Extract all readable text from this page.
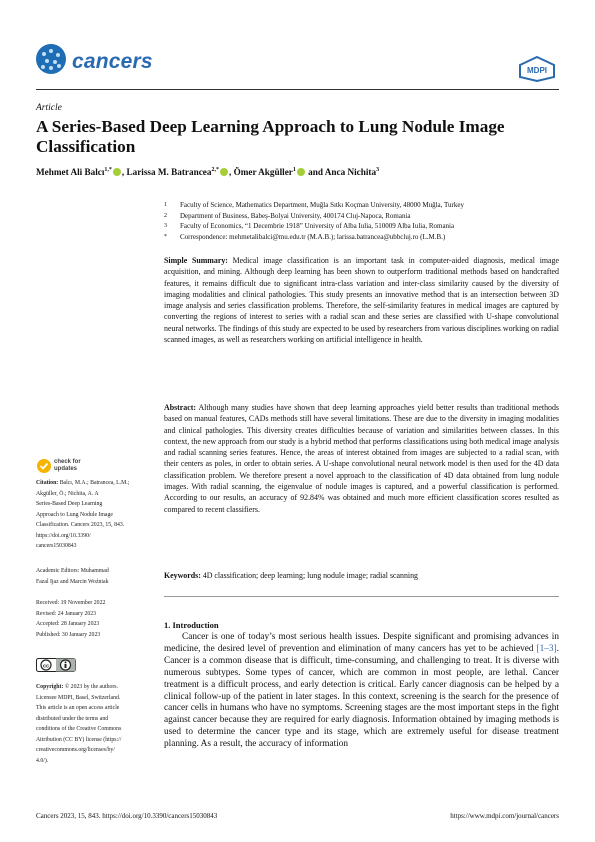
cancers	MDPI
Article
A Series-Based Deep Learning Approach to Lung Nodule Image Classification
Mehmet Ali Balcı$^{1,*}$ , Larissa M. Batrancea$^{2,*}$ , Ömer Akgüller$^1$ and Anca Nichita$^3$
1	Faculty of Science, Mathematics Department, Muğla Sıtkı Koçman University, 48000 Muğla, Turkey
2	Department of Business, Babeș-Bolyai University, 400174 Cluj-Napoca, Romania
3	Faculty of Economics, “1 Decembrie 1918” University of Alba Iulia, 510009 Alba Iulia, Romania
*	Correspondence: mehmetalibalci@mu.edu.tr (M.A.B.); larissa.batrancea@ubbcluj.ro (L.M.B.)
Simple Summary: Medical image classification is an important task in computer-aided diagnosis, medical image acquisition, and mining. Although deep learning has been shown to outperform traditional methods based on handcrafted features, it remains difficult due to significant intra-class variation and inter-class similarity caused by the diversity of imaging modalities and clinical pathologies. This study presents an innovative method that is an intersection between 3D image analysis and series classification problems. Therefore, the self-similarity features in medical images are captured by converting the regions of interest to series with a radial scan and these series are classified with U-shape convolutional neural networks. The findings of this study are expected to be used by researchers from various disciplines working on radial scanned images, as well as researchers working on artificial intelligence in health.
Abstract: Although many studies have shown that deep learning approaches yield better results than traditional methods based on manual features, CADs methods still have several limitations. These are due to the diversity in imaging modalities and clinical pathologies. This diversity creates difficulties because of variation and similarities between classes. In this context, the new approach from our study is a hybrid method that performs classifications using both medical image analysis and radial scanning series features. Hence, the areas of interest obtained from images are subjected to a radial scan, with their centers as poles, in order to obtain series. A U-shape convolutional neural network model is then used for the 4D data classification problem. We therefore present a novel approach to the classification of 4D data obtained from lung nodule images. With radial scanning, the eigenvalue of nodule images is captured, and a powerful classification is performed. According to our results, an accuracy of 92.84% was obtained and much more efficient classification scores resulted as compared to recent classifiers.
Keywords: 4D classification; deep learning; lung nodule image; radial scanning
1. Introduction
Cancer is one of today’s most serious health issues. Despite significant and promising advances in medicine, the desired level of prevention and elimination of many cancers has yet to be achieved [1–3]. Cancer is a common disease that is difficult, time-consuming, and challenging to treat. It is diverse with numerous subtypes. Some types of cancer, which are common in most people, are lethal. Cancer treatment is a difficult process, and early detection is critical. Early cancer diagnosis can be helped by a clinical follow-up of the patient in later stages. In this context, screening is the search for the presence of cancer cells in humans who have no symptoms. Screening stages are the most important steps in the fight against cancer because they are required for early diagnosis. Information obtained by imaging methods is used to determine the cancer type and its stage, which are extremely useful for disease treatment planning. As a result, the accuracy of information
check for
updates
Citation: Balcı, M.A.; Batrancea, L.M.;
Akgüller, Ö.; Nichita, A. A
Series-Based Deep Learning
Approach to Lung Nodule Image
Classification. Cancers 2023, 15, 843.
https://doi.org/10.3390/
cancers15030843
Academic Editors: Muhammad
Fazal Ijaz and Marcin Woźniak
Received: 19 November 2022
Revised: 24 January 2023
Accepted: 28 January 2023
Published: 30 January 2023
cc
Copyright: © 2023 by the authors.
Licensee MDPI, Basel, Switzerland.
This article is an open access article
distributed under the terms and
conditions of the Creative Commons
Attribution (CC BY) license (https://
creativecommons.org/licenses/by/
4.0/).
Cancers 2023, 15, 843. https://doi.org/10.3390/cancers15030843	https://www.mdpi.com/journal/cancers
